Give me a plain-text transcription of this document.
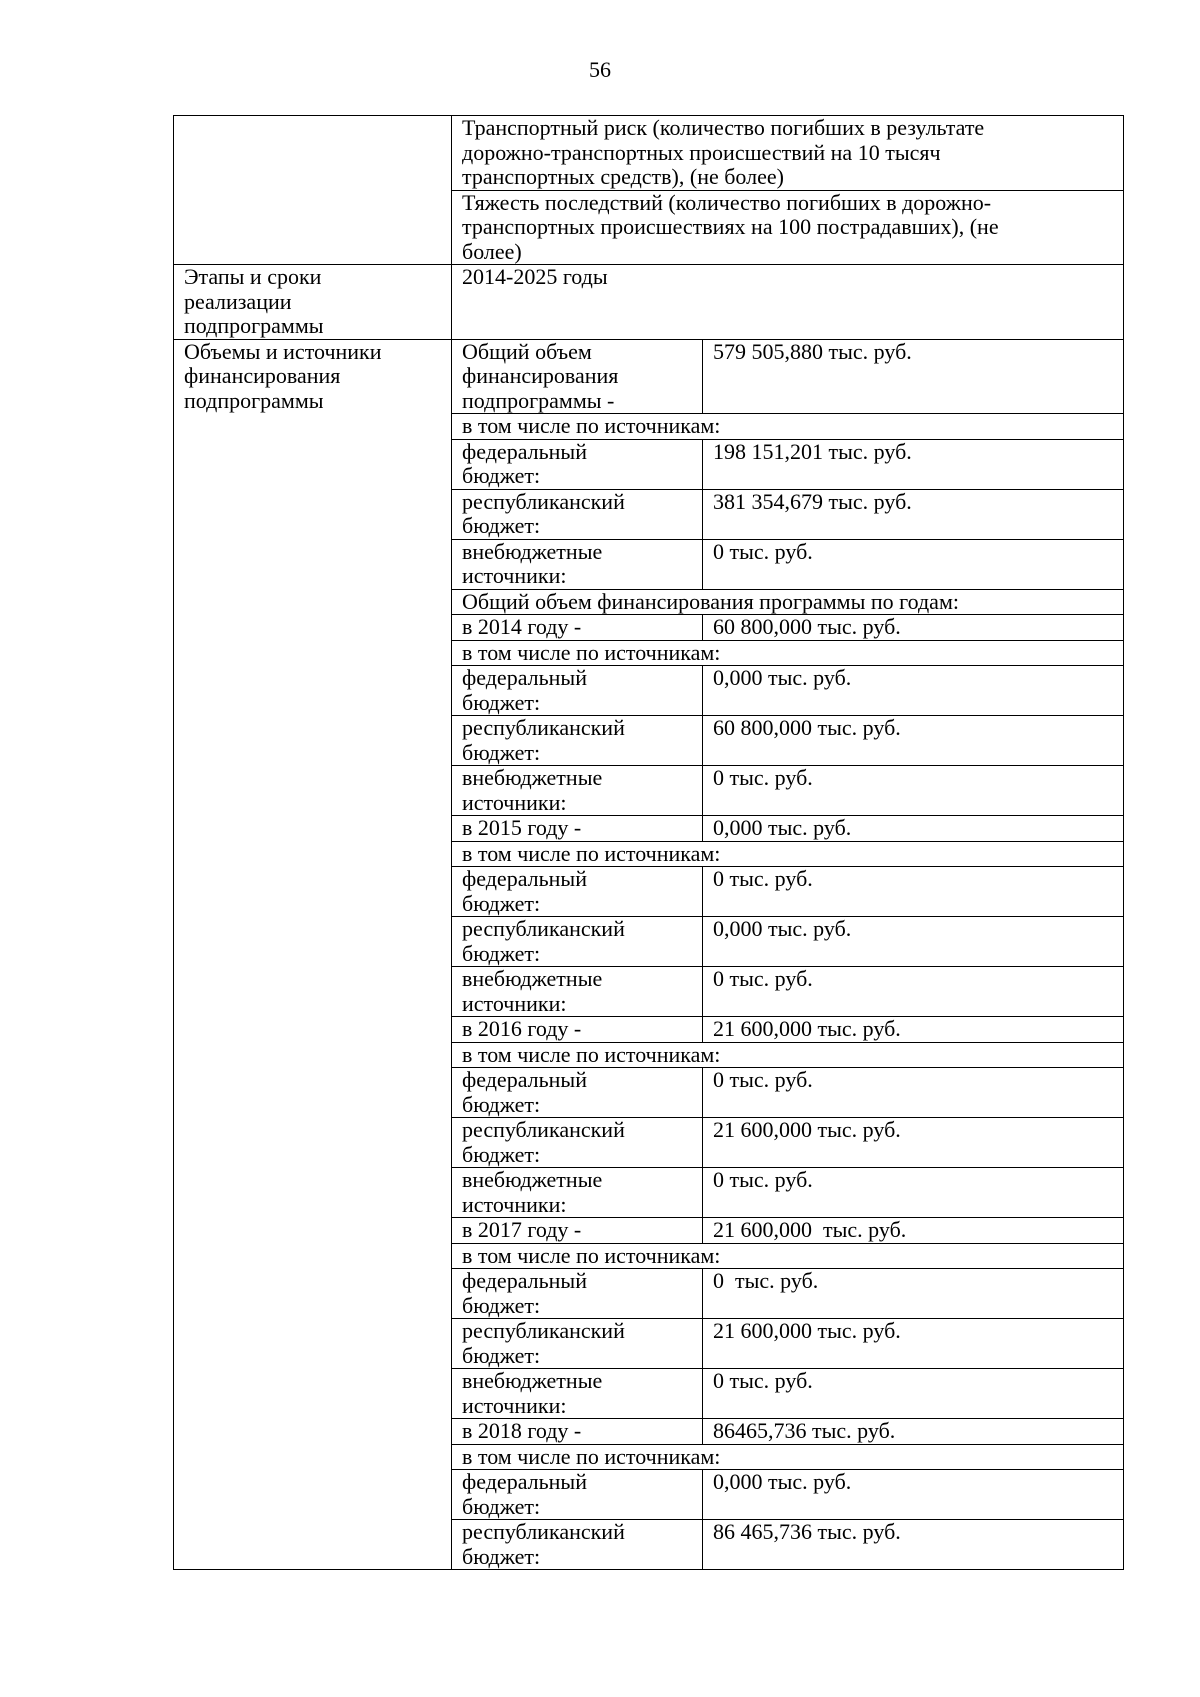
56

	Транспортный риск (количество погибших в результате
дорожно-транспортных происшествий на 10 тысяч
транспортных средств), (не более)	

	Тяжесть последствий (количество погибших в дорожно-
транспортных происшествиях на 100 пострадавших), (не
более)	

Этапы и сроки
реализации
подпрограммы	2014-2025 годы	

Объемы и источники
финансирования
подпрограммы	Общий объем
финансирования
подпрограммы -	579 505,880 тыс. руб.
	в том числе по источникам:	

	федеральный
бюджет:	198 151,201 тыс. руб.

	республиканский
бюджет:	381 354,679 тыс. руб.

	внебюджетные
источники:	0 тыс. руб.
	Общий объем финансирования программы по годам:	
	в 2014 году -	60 800,000 тыс. руб.
	в том числе по источникам:	

	федеральный
бюджет:	0,000 тыс. руб.

	республиканский
бюджет:	60 800,000 тыс. руб.

	внебюджетные
источники:	0 тыс. руб.
	в 2015 году -	0,000 тыс. руб.
	в том числе по источникам:	

	федеральный
бюджет:	0 тыс. руб.

	республиканский
бюджет:	0,000 тыс. руб.

	внебюджетные
источники:	0 тыс. руб.
	в 2016 году -	21 600,000 тыс. руб.
	в том числе по источникам:	

	федеральный
бюджет:	0 тыс. руб.

	республиканский
бюджет:	21 600,000 тыс. руб.

	внебюджетные
источники:	0 тыс. руб.
	в 2017 году -	21 600,000  тыс. руб.
	в том числе по источникам:	

	федеральный
бюджет:	0  тыс. руб.

	республиканский
бюджет:	21 600,000 тыс. руб.

	внебюджетные
источники:	0 тыс. руб.
	в 2018 году -	86465,736 тыс. руб.
	в том числе по источникам:	

	федеральный
бюджет:	0,000 тыс. руб.

	республиканский
бюджет:	86 465,736 тыс. руб.
